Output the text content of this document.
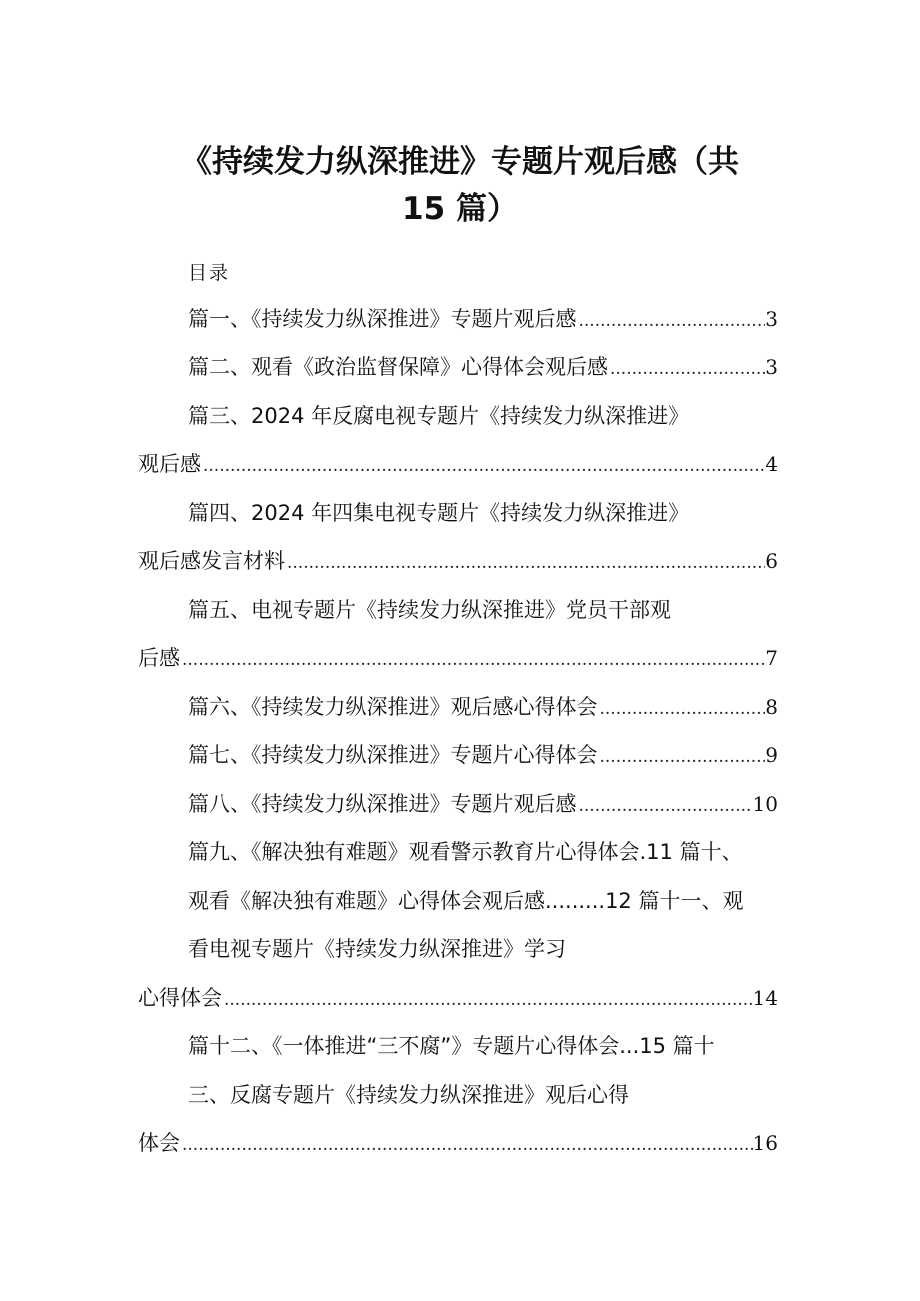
《持续发力纵深推进》专题片观后感（共
15 篇）
目录
篇一、《持续发力纵深推进》专题片观后感 .....	3
篇二、观看《政治监督保障》心得体会观后感 .....	3
篇三、2024 年反腐电视专题片《持续发力纵深推进》
观后感 .....	4
篇四、2024 年四集电视专题片《持续发力纵深推进》
观后感发言材料 .....	6
篇五、电视专题片《持续发力纵深推进》党员干部观
后感 .....	7
篇六、《持续发力纵深推进》观后感心得体会 .....	8
篇七、《持续发力纵深推进》专题片心得体会 .....	9
篇八、《持续发力纵深推进》专题片观后感 .....	10
篇九、《解决独有难题》观看警示教育片心得体会.11 篇十、
观看《解决独有难题》心得体会观后感.........12 篇十一、观
看电视专题片《持续发力纵深推进》学习
心得体会 .....	14
篇十二、《一体推进“三不腐”》专题片心得体会...15 篇十
三、反腐专题片《持续发力纵深推进》观后心得
体会 .....	16
